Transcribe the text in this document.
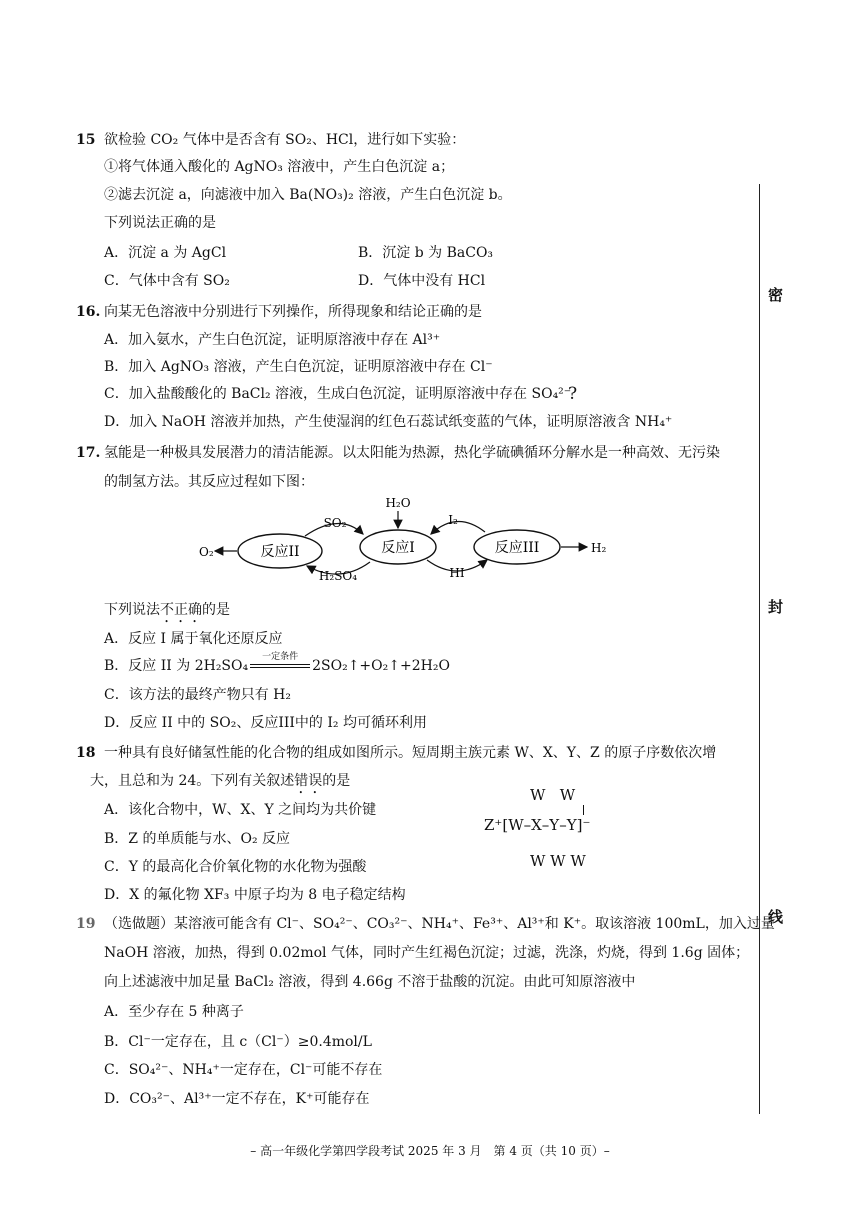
15 欲检验 CO₂ 气体中是否含有 SO₂、HCl，进行如下实验：
①将气体通入酸化的 AgNO₃ 溶液中，产生白色沉淀 a；
②滤去沉淀 a，向滤液中加入 Ba(NO₃)₂ 溶液，产生白色沉淀 b。
下列说法正确的是
A．沉淀 a 为 AgCl	B．沉淀 b 为 BaCO₃
C．气体中含有 SO₂	D．气体中没有 HCl
16. 向某无色溶液中分别进行下列操作，所得现象和结论正确的是
A．加入氨水，产生白色沉淀，证明原溶液中存在 Al³⁺
B．加入 AgNO₃ 溶液，产生白色沉淀，证明原溶液中存在 Cl⁻
C．加入盐酸酸化的 BaCl₂ 溶液，生成白色沉淀，证明原溶液中存在 SO₄²⁻
?
D．加入 NaOH 溶液并加热，产生使湿润的红色石蕊试纸变蓝的气体，证明原溶液含 NH₄⁺
17. 氢能是一种极具发展潜力的清洁能源。以太阳能为热源，热化学硫碘循环分解水是一种高效、无污染
的制氢方法。其反应过程如下图：
反应II	反应I	反应III
H₂O
SO₂
H₂SO₄
I₂
HI
O₂	H₂
下列说法不正确的是
A．反应 I 属于氧化还原反应
B．反应 II 为 2H₂SO₄
一定条件
2SO₂↑+O₂↑+2H₂O
C．该方法的最终产物只有 H₂
D．反应 II 中的 SO₂、反应III中的 I₂ 均可循环利用
18 一种具有良好储氢性能的化合物的组成如图所示。短周期主族元素 W、X、Y、Z 的原子序数依次增
大，且总和为 24。下列有关叙述错误的是
A．该化合物中，W、X、Y 之间均为共价键
B．Z 的单质能与水、O₂ 反应
C．Y 的最高化合价氧化物的水化物为强酸
D．X 的氟化物 XF₃ 中原子均为 8 电子稳定结构
W   W
Z⁺[W–X–Y–Y]⁻
W W W
19 （选做题）某溶液可能含有 Cl⁻、SO₄²⁻、CO₃²⁻、NH₄⁺、Fe³⁺、Al³⁺和 K⁺。取该溶液 100mL，加入过量
NaOH 溶液，加热，得到 0.02mol 气体，同时产生红褐色沉淀；过滤，洗涤，灼烧，得到 1.6g 固体；
向上述滤液中加足量 BaCl₂ 溶液，得到 4.66g 不溶于盐酸的沉淀。由此可知原溶液中
A．至少存在 5 种离子
B．Cl⁻一定存在，且 c（Cl⁻）≥0.4mol/L
C．SO₄²⁻、NH₄⁺一定存在，Cl⁻可能不存在
D．CO₃²⁻、Al³⁺一定不存在，K⁺可能存在
密
封
线
– 高一年级化学第四学段考试 2025 年 3 月　第 4 页（共 10 页）–
